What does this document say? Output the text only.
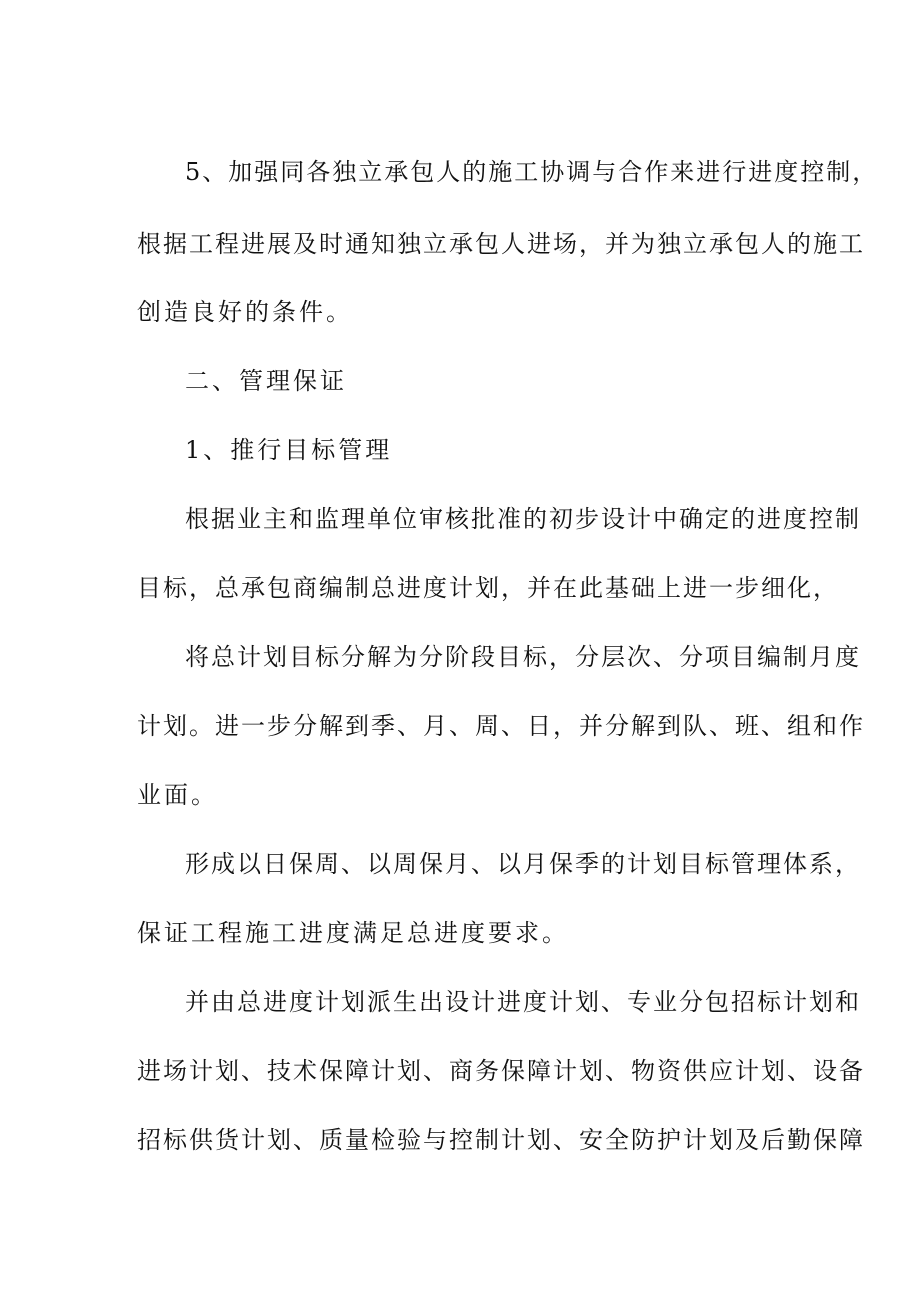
5、加强同各独立承包人的施工协调与合作来进行进度控制，
根据工程进展及时通知独立承包人进场，并为独立承包人的施工
创造良好的条件。
二、管理保证
1、推行目标管理
根据业主和监理单位审核批准的初步设计中确定的进度控制
目标，总承包商编制总进度计划，并在此基础上进一步细化，
将总计划目标分解为分阶段目标，分层次、分项目编制月度
计划。进一步分解到季、月、周、日，并分解到队、班、组和作
业面。
形成以日保周、以周保月、以月保季的计划目标管理体系，
保证工程施工进度满足总进度要求。
并由总进度计划派生出设计进度计划、专业分包招标计划和
进场计划、技术保障计划、商务保障计划、物资供应计划、设备
招标供货计划、质量检验与控制计划、安全防护计划及后勤保障
